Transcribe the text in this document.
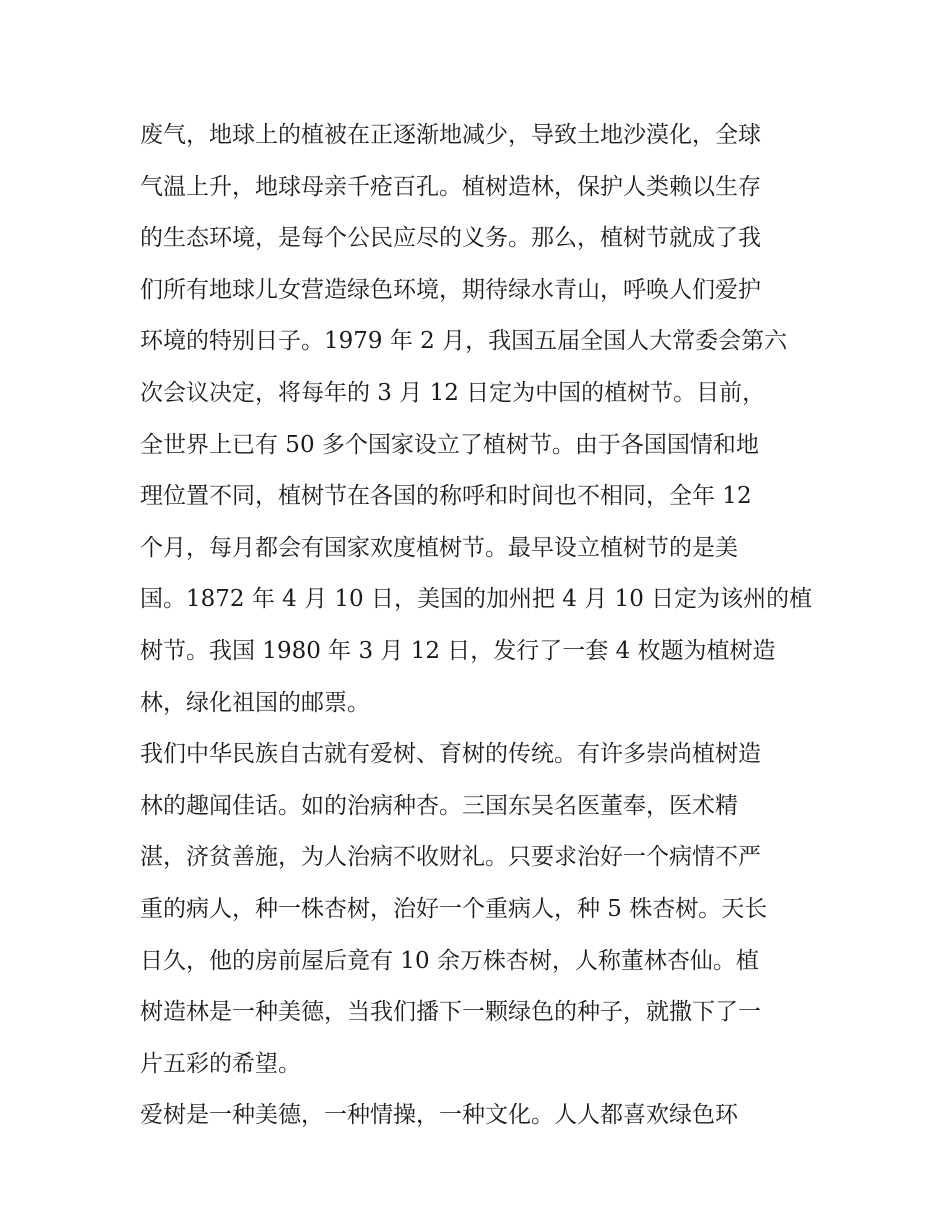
废气，地球上的植被在正逐渐地减少，导致土地沙漠化，全球
气温上升，地球母亲千疮百孔。植树造林，保护人类赖以生存
的生态环境，是每个公民应尽的义务。那么，植树节就成了我
们所有地球儿女营造绿色环境，期待绿水青山，呼唤人们爱护
环境的特别日子。1979 年 2 月，我国五届全国人大常委会第六
次会议决定，将每年的 3 月 12 日定为中国的植树节。目前，
全世界上已有 50 多个国家设立了植树节。由于各国国情和地
理位置不同，植树节在各国的称呼和时间也不相同，全年 12
个月，每月都会有国家欢度植树节。最早设立植树节的是美
国。1872 年 4 月 10 日，美国的加州把 4 月 10 日定为该州的植
树节。我国 1980 年 3 月 12 日，发行了一套 4 枚题为植树造
林，绿化祖国的邮票。
我们中华民族自古就有爱树、育树的传统。有许多崇尚植树造
林的趣闻佳话。如的治病种杏。三国东吴名医董奉，医术精
湛，济贫善施，为人治病不收财礼。只要求治好一个病情不严
重的病人，种一株杏树，治好一个重病人，种 5 株杏树。天长
日久，他的房前屋后竟有 10 余万株杏树，人称董林杏仙。植
树造林是一种美德，当我们播下一颗绿色的种子，就撒下了一
片五彩的希望。
爱树是一种美德，一种情操，一种文化。人人都喜欢绿色环
